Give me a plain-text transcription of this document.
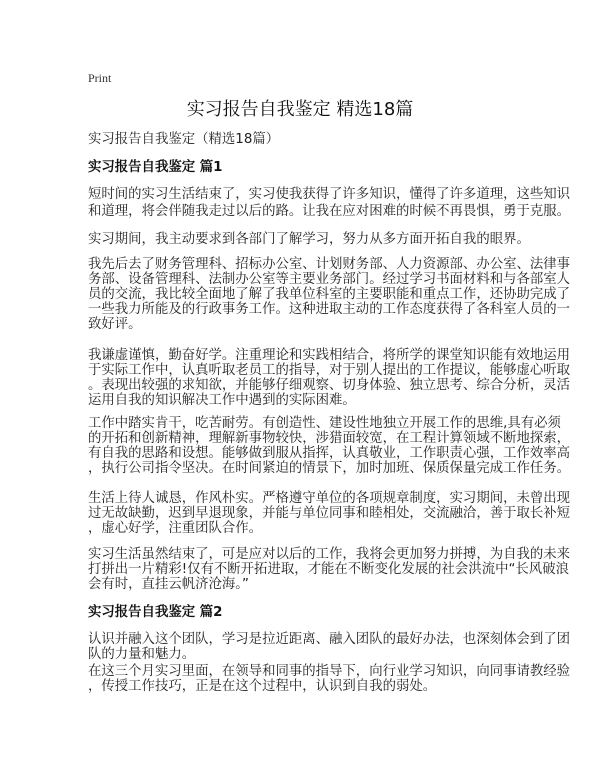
Print
实习报告自我鉴定 精选18篇
实习报告自我鉴定（精选18篇）
实习报告自我鉴定 篇1
短时间的实习生活结束了，实习使我获得了许多知识，懂得了许多道理，这些知识
和道理，将会伴随我走过以后的路。让我在应对困难的时候不再畏惧，勇于克服。
实习期间，我主动要求到各部门了解学习，努力从多方面开拓自我的眼界。
我先后去了财务管理科、招标办公室、计划财务部、人力资源部、办公室、法律事
务部、设备管理科、法制办公室等主要业务部门。经过学习书面材料和与各部室人
员的交流，我比较全面地了解了我单位科室的主要职能和重点工作，还协助完成了
一些我力所能及的行政事务工作。这种进取主动的工作态度获得了各科室人员的一
致好评。
我谦虚谨慎，勤奋好学。注重理论和实践相结合，将所学的课堂知识能有效地运用
于实际工作中，认真听取老员工的指导，对于别人提出的工作提议，能够虚心听取
。表现出较强的求知欲，并能够仔细观察、切身体验、独立思考、综合分析，灵活
运用自我的知识解决工作中遇到的实际困难。
工作中踏实肯干，吃苦耐劳。有创造性、建设性地独立开展工作的思维,具有必须
的开拓和创新精神，理解新事物较快，涉猎面较宽，在工程计算领域不断地探索，
有自我的思路和设想。能够做到服从指挥，认真敬业，工作职责心强，工作效率高
，执行公司指令坚决。在时间紧迫的情景下，加时加班、保质保量完成工作任务。
生活上待人诚恳，作风朴实。严格遵守单位的各项规章制度，实习期间，未曾出现
过无故缺勤，迟到早退现象，并能与单位同事和睦相处，交流融洽，善于取长补短
，虚心好学，注重团队合作。
实习生活虽然结束了，可是应对以后的工作，我将会更加努力拼搏，为自我的未来
打拼出一片精彩!仅有不断开拓进取，才能在不断变化发展的社会洪流中“长风破浪
会有时，直挂云帆济沧海。”
实习报告自我鉴定 篇2
认识并融入这个团队，学习是拉近距离、融入团队的最好办法，也深刻体会到了团
队的力量和魅力。
在这三个月实习里面，在领导和同事的指导下，向行业学习知识，向同事请教经验
，传授工作技巧，正是在这个过程中，认识到自我的弱处。
